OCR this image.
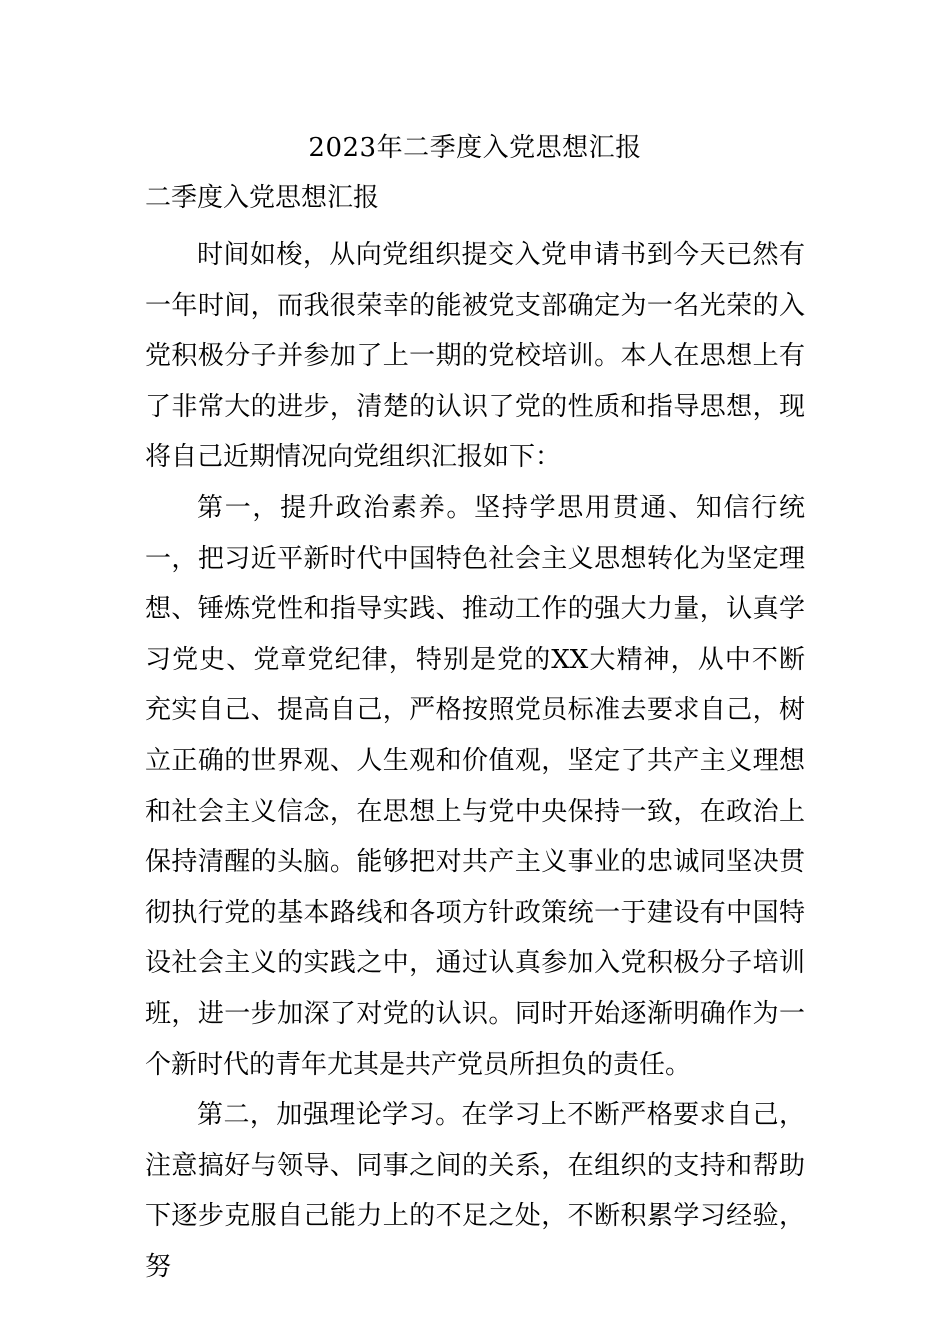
2023年二季度入党思想汇报
二季度入党思想汇报

时间如梭，从向党组织提交入党申请书到今天已然有一年时间，而我很荣幸的能被党支部确定为一名光荣的入党积极分子并参加了上一期的党校培训。本人在思想上有了非常大的进步，清楚的认识了党的性质和指导思想，现将自己近期情况向党组织汇报如下：

第一，提升政治素养。坚持学思用贯通、知信行统一，把习近平新时代中国特色社会主义思想转化为坚定理想、锤炼党性和指导实践、推动工作的强大力量，认真学习党史、党章党纪律，特别是党的XX大精神，从中不断充实自己、提高自己，严格按照党员标准去要求自己，树立正确的世界观、人生观和价值观，坚定了共产主义理想和社会主义信念，在思想上与党中央保持一致，在政治上保持清醒的头脑。能够把对共产主义事业的忠诚同坚决贯彻执行党的基本路线和各项方针政策统一于建设有中国特设社会主义的实践之中，通过认真参加入党积极分子培训班，进一步加深了对党的认识。同时开始逐渐明确作为一个新时代的青年尤其是共产党员所担负的责任。

第二，加强理论学习。在学习上不断严格要求自己，注意搞好与领导、同事之间的关系，在组织的支持和帮助下逐步克服自己能力上的不足之处，不断积累学习经验，努
